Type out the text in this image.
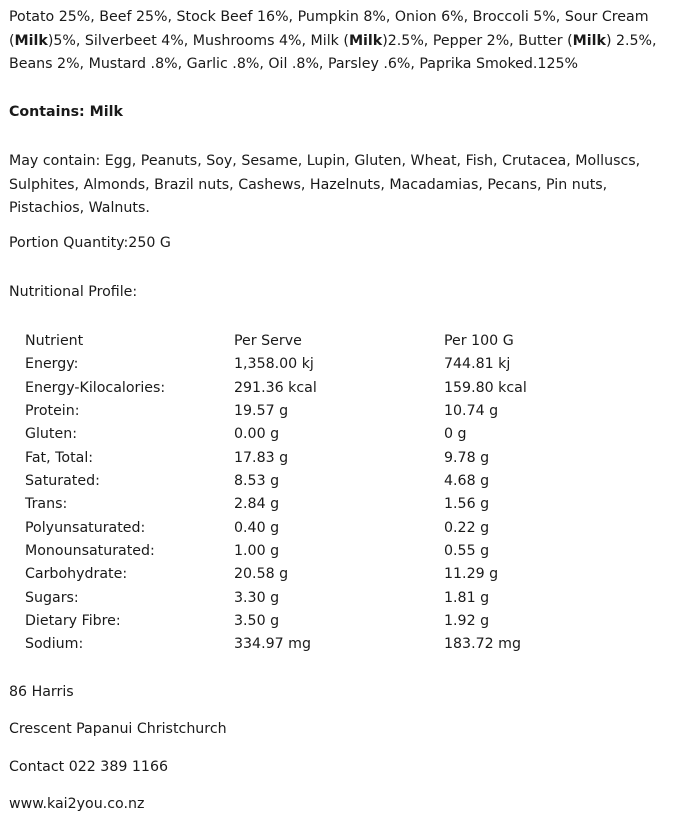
Potato 25%, Beef 25%, Stock Beef 16%, Pumpkin 8%, Onion 6%, Broccoli 5%, Sour Cream (Milk)5%, Silverbeet 4%, Mushrooms 4%, Milk (Milk)2.5%, Pepper 2%, Butter (Milk) 2.5%, Beans 2%, Mustard .8%, Garlic .8%, Oil .8%, Parsley .6%, Paprika Smoked.125%
Contains: Milk
May contain: Egg, Peanuts, Soy, Sesame, Lupin, Gluten, Wheat, Fish, Crutacea, Molluscs, Sulphites, Almonds, Brazil nuts, Cashews, Hazelnuts, Macadamias, Pecans, Pin nuts, Pistachios, Walnuts.
Portion Quantity:250 G
Nutritional Profile:
Nutrient	Per Serve	Per 100 G
Energy:	1,358.00 kj	744.81 kj
Energy-Kilocalories:	291.36 kcal	159.80 kcal
Protein:	19.57 g	10.74 g
Gluten:	0.00 g	0 g
Fat, Total:	17.83 g	9.78 g
Saturated:	8.53 g	4.68 g
Trans:	2.84 g	1.56 g
Polyunsaturated:	0.40 g	0.22 g
Monounsaturated:	1.00 g	0.55 g
Carbohydrate:	20.58 g	11.29 g
Sugars:	3.30 g	1.81 g
Dietary Fibre:	3.50 g	1.92 g
Sodium:	334.97 mg	183.72 mg
86 Harris
Crescent Papanui Christchurch
Contact 022 389 1166
www.kai2you.co.nz
